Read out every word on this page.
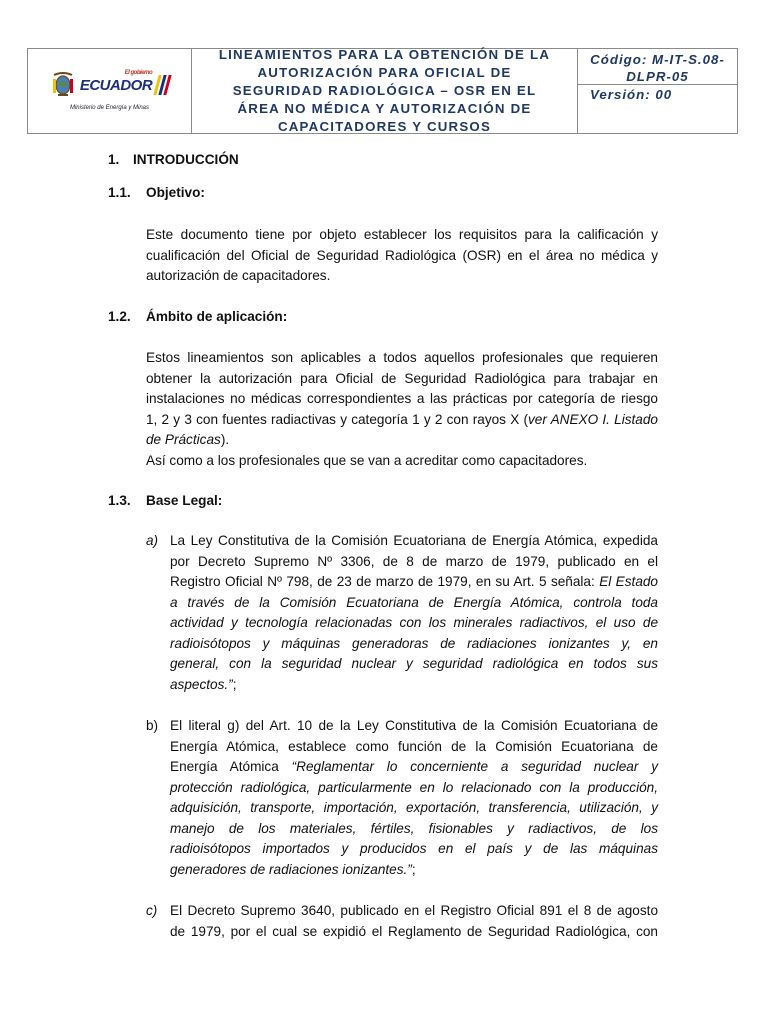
ECUADOR
El gobierno
Ministerio de Energía y Minas
LINEAMIENTOS PARA LA OBTENCIÓN DE LA
AUTORIZACIÓN PARA OFICIAL DE
SEGURIDAD RADIOLÓGICA – OSR EN EL
ÁREA NO MÉDICA Y AUTORIZACIÓN DE
CAPACITADORES Y CURSOS
Código: M-IT-S.08-
DLPR-05
Versión: 00
1. INTRODUCCIÓN
1.1. Objetivo:
Este documento tiene por objeto establecer los requisitos para la calificación y
cualificación del Oficial de Seguridad Radiológica (OSR) en el área no médica y
autorización de capacitadores.
1.2. Ámbito de aplicación:
Estos lineamientos son aplicables a todos aquellos profesionales que requieren
obtener la autorización para Oficial de Seguridad Radiológica para trabajar en
instalaciones no médicas correspondientes a las prácticas por categoría de riesgo
1, 2 y 3 con fuentes radiactivas y categoría 1 y 2 con rayos X (ver ANEXO I. Listado
de Prácticas).
Así como a los profesionales que se van a acreditar como capacitadores.
1.3. Base Legal:
a) La Ley Constitutiva de la Comisión Ecuatoriana de Energía Atómica, expedida
por Decreto Supremo Nº 3306, de 8 de marzo de 1979, publicado en el
Registro Oficial Nº 798, de 23 de marzo de 1979, en su Art. 5 señala: El Estado
a través de la Comisión Ecuatoriana de Energía Atómica, controla toda
actividad y tecnología relacionadas con los minerales radiactivos, el uso de
radioisótopos y máquinas generadoras de radiaciones ionizantes y, en
general, con la seguridad nuclear y seguridad radiológica en todos sus
aspectos.”;
b) El literal g) del Art. 10 de la Ley Constitutiva de la Comisión Ecuatoriana de
Energía Atómica, establece como función de la Comisión Ecuatoriana de
Energía Atómica “Reglamentar lo concerniente a seguridad nuclear y
protección radiológica, particularmente en lo relacionado con la producción,
adquisición, transporte, importación, exportación, transferencia, utilización, y
manejo de los materiales, fértiles, fisionables y radiactivos, de los
radioisótopos importados y producidos en el país y de las máquinas
generadores de radiaciones ionizantes.”;
c) El Decreto Supremo 3640, publicado en el Registro Oficial 891 el 8 de agosto
de 1979, por el cual se expidió el Reglamento de Seguridad Radiológica, con
